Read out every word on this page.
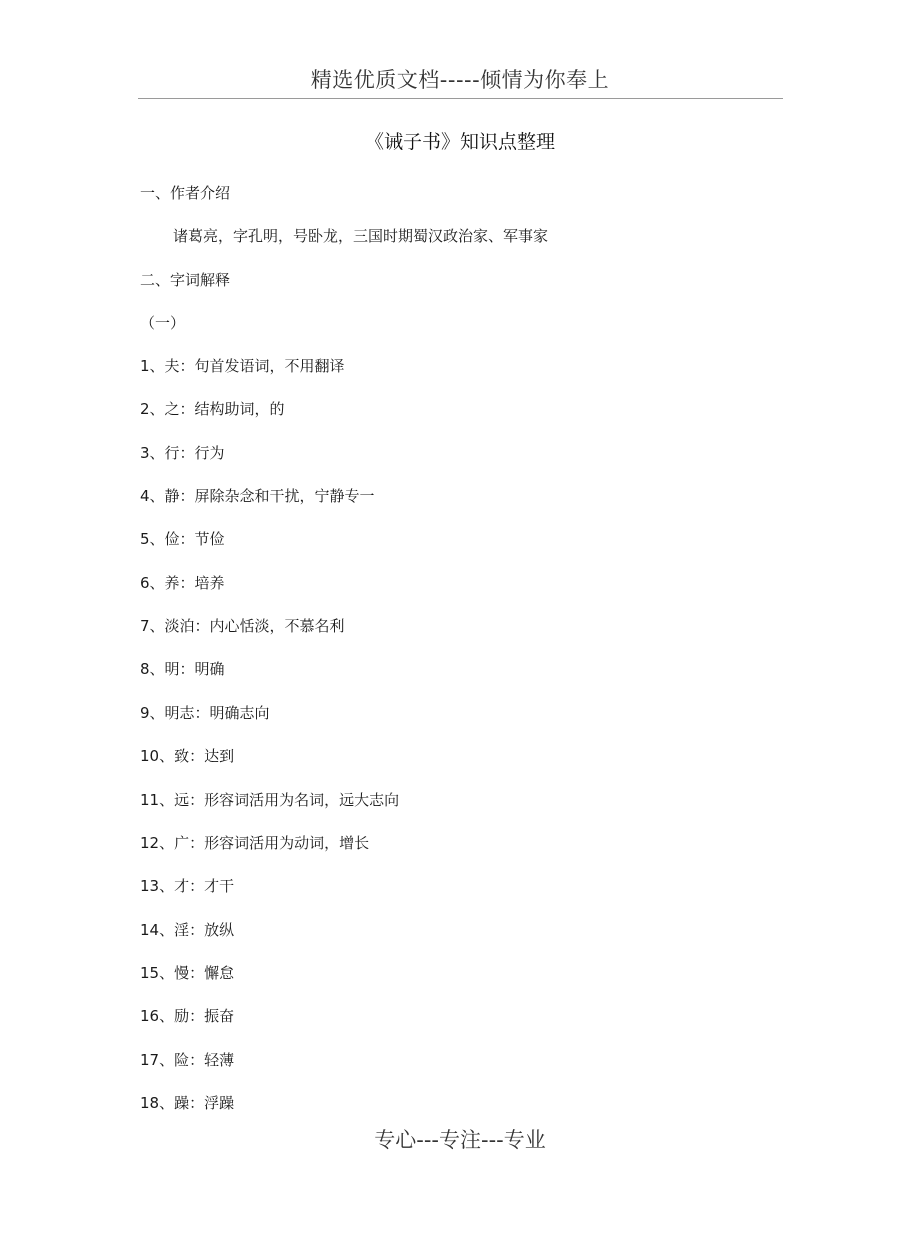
精选优质文档-----倾情为你奉上
《诫子书》知识点整理
一、作者介绍
诸葛亮，字孔明，号卧龙，三国时期蜀汉政治家、军事家
二、字词解释
（一）
1、夫：句首发语词，不用翻译
2、之：结构助词，的
3、行：行为
4、静：屏除杂念和干扰，宁静专一
5、俭：节俭
6、养：培养
7、淡泊：内心恬淡，不慕名利
8、明：明确
9、明志：明确志向
10、致：达到
11、远：形容词活用为名词，远大志向
12、广：形容词活用为动词，增长
13、才：才干
14、淫：放纵
15、慢：懈怠
16、励：振奋
17、险：轻薄
18、躁：浮躁
专心---专注---专业
